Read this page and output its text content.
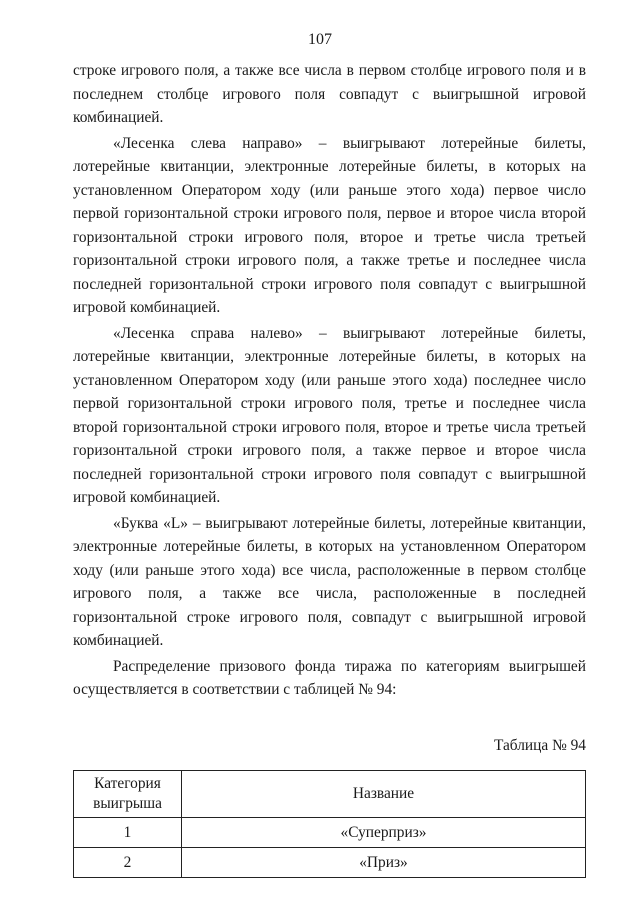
107

строке игрового поля, а также все числа в первом столбце игрового поля и в последнем столбце игрового поля совпадут с выигрышной игровой комбинацией.

«Лесенка слева направо» – выигрывают лотерейные билеты, лотерейные квитанции, электронные лотерейные билеты, в которых на установленном Оператором ходу (или раньше этого хода) первое число первой горизонтальной строки игрового поля, первое и второе числа второй горизонтальной строки игрового поля, второе и третье числа третьей горизонтальной строки игрового поля, а также третье и последнее числа последней горизонтальной строки игрового поля совпадут с выигрышной игровой комбинацией.

«Лесенка справа налево» – выигрывают лотерейные билеты, лотерейные квитанции, электронные лотерейные билеты, в которых на установленном Оператором ходу (или раньше этого хода) последнее число первой горизонтальной строки игрового поля, третье и последнее числа второй горизонтальной строки игрового поля, второе и третье числа третьей горизонтальной строки игрового поля, а также первое и второе числа последней горизонтальной строки игрового поля совпадут с выигрышной игровой комбинацией.

«Буква «L» – выигрывают лотерейные билеты, лотерейные квитанции, электронные лотерейные билеты, в которых на установленном Оператором ходу (или раньше этого хода) все числа, расположенные в первом столбце игрового поля, а также все числа, расположенные в последней горизонтальной строке игрового поля, совпадут с выигрышной игровой комбинацией.

Распределение призового фонда тиража по категориям выигрышей осуществляется в соответствии с таблицей № 94:

Таблица № 94

Категория выигрыша	Название
1	«Суперприз»
2	«Приз»
